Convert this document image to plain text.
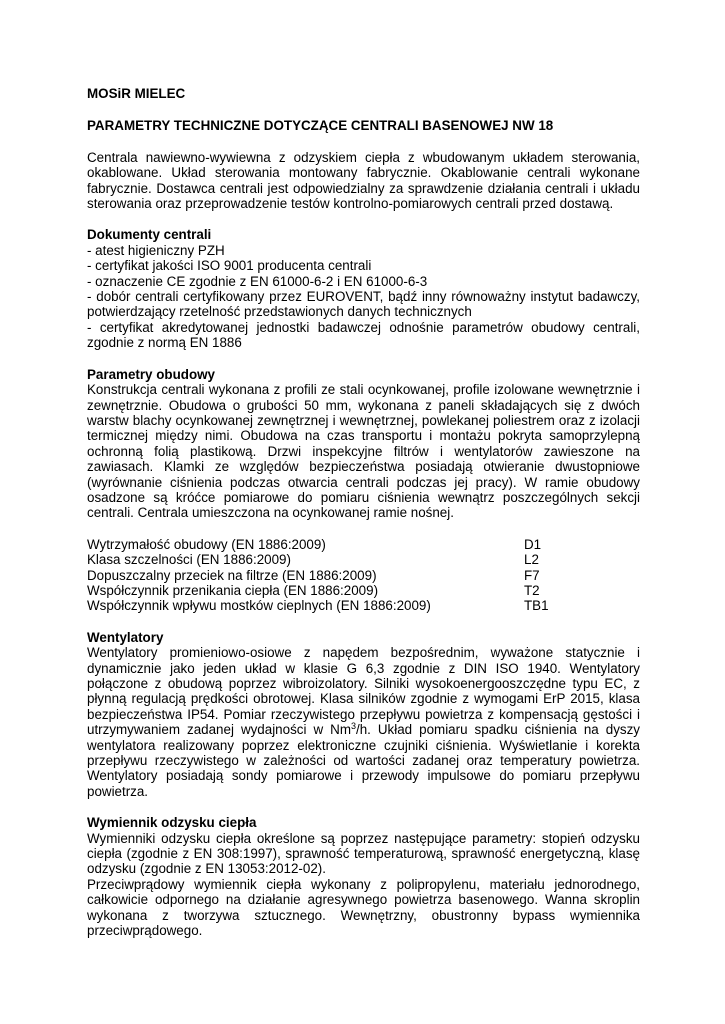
MOSiR MIELEC
PARAMETRY TECHNICZNE DOTYCZĄCE CENTRALI BASENOWEJ NW 18

Centrala nawiewno-wywiewna z odzyskiem ciepła z wbudowanym układem sterowania, okablowane. Układ sterowania montowany fabrycznie. Okablowanie centrali wykonane fabrycznie. Dostawca centrali jest odpowiedzialny za sprawdzenie działania centrali i układu sterowania oraz przeprowadzenie testów kontrolno-pomiarowych centrali przed dostawą.

Dokumenty centrali
- atest higieniczny PZH
- certyfikat jakości ISO 9001 producenta centrali
- oznaczenie CE zgodnie z EN 61000-6-2 i EN 61000-6-3
- dobór centrali certyfikowany przez EUROVENT, bądź inny równoważny instytut badawczy, potwierdzający rzetelność przedstawionych danych technicznych
- certyfikat akredytowanej jednostki badawczej odnośnie parametrów obudowy centrali, zgodnie z normą EN 1886
Parametry obudowy

Konstrukcja centrali wykonana z profili ze stali ocynkowanej, profile izolowane wewnętrznie i zewnętrznie. Obudowa o grubości 50 mm, wykonana z paneli składających się z dwóch warstw blachy ocynkowanej zewnętrznej i wewnętrznej, powlekanej poliestrem oraz z izolacji termicznej między nimi. Obudowa na czas transportu i montażu pokryta samoprzylepną ochronną folią plastikową. Drzwi inspekcyjne filtrów i wentylatorów zawieszone na zawiasach. Klamki ze względów bezpieczeństwa posiadają otwieranie dwustopniowe (wyrównanie ciśnienia podczas otwarcia centrali podczas jej pracy). W ramie obudowy osadzone są króćce pomiarowe do pomiaru ciśnienia wewnątrz poszczególnych sekcji centrali. Centrala umieszczona na ocynkowanej ramie nośnej.

Wytrzymałość obudowy (EN 1886:2009)	D1
Klasa szczelności (EN 1886:2009)	L2
Dopuszczalny przeciek na filtrze (EN 1886:2009)	F7
Współczynnik przenikania ciepła (EN 1886:2009)	T2
Współczynnik wpływu mostków cieplnych (EN 1886:2009)	TB1
Wentylatory

Wentylatory promieniowo-osiowe z napędem bezpośrednim, wyważone statycznie i dynamicznie jako jeden układ w klasie G 6,3 zgodnie z DIN ISO 1940. Wentylatory połączone z obudową poprzez wibroizolatory. Silniki wysokoenergooszczędne typu EC, z płynną regulacją prędkości obrotowej. Klasa silników zgodnie z wymogami ErP 2015, klasa bezpieczeństwa IP54. Pomiar rzeczywistego przepływu powietrza z kompensacją gęstości i utrzymywaniem zadanej wydajności w Nm$^3$/h. Układ pomiaru spadku ciśnienia na dyszy wentylatora realizowany poprzez elektroniczne czujniki ciśnienia. Wyświetlanie i korekta przepływu rzeczywistego w zależności od wartości zadanej oraz temperatury powietrza. Wentylatory posiadają sondy pomiarowe i przewody impulsowe do pomiaru przepływu powietrza.

Wymiennik odzysku ciepła

Wymienniki odzysku ciepła określone są poprzez następujące parametry: stopień odzysku ciepła (zgodnie z EN 308:1997), sprawność temperaturową, sprawność energetyczną, klasę odzysku (zgodnie z EN 13053:2012-02).

Przeciwprądowy wymiennik ciepła wykonany z polipropylenu, materiału jednorodnego, całkowicie odpornego na działanie agresywnego powietrza basenowego. Wanna skroplin wykonana z tworzywa sztucznego. Wewnętrzny, obustronny bypass wymiennika przeciwprądowego.
